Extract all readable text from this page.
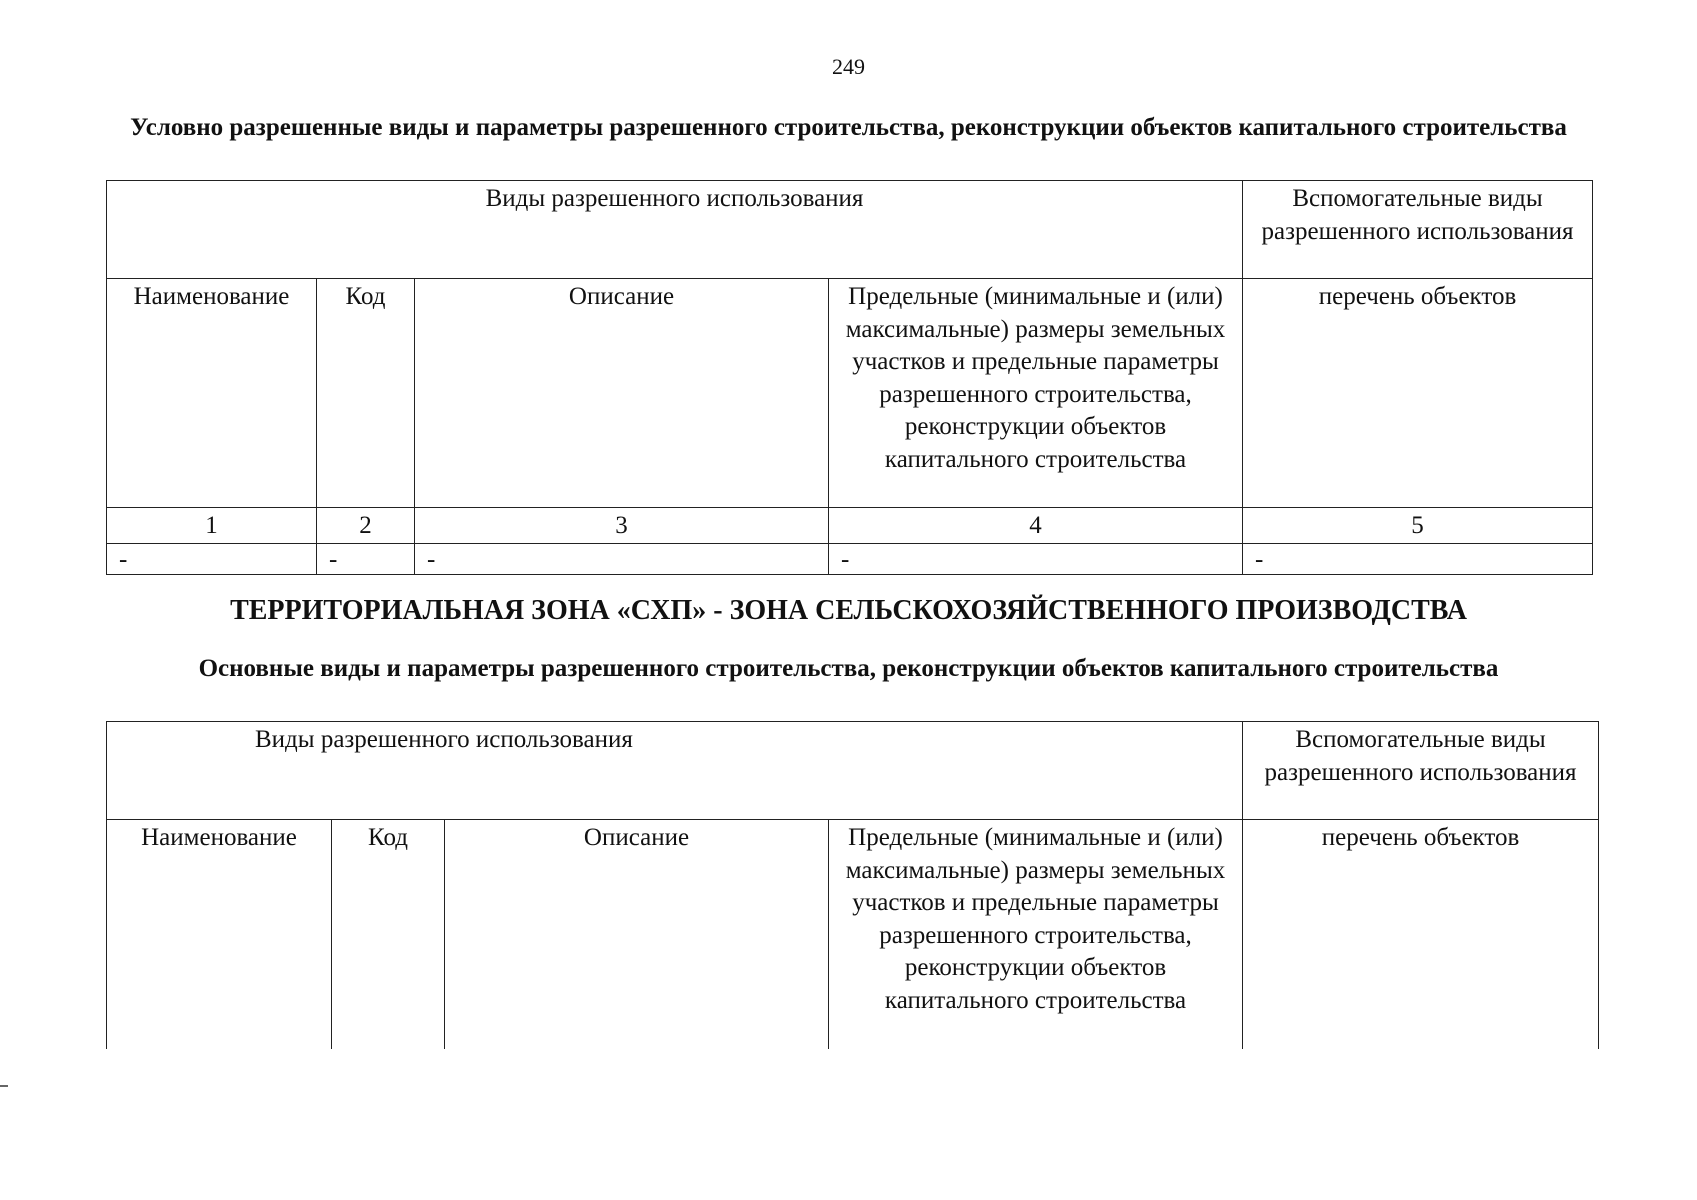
249
Условно разрешенные виды и параметры разрешенного строительства, реконструкции объектов капитального строительства
Виды разрешенного использования				Вспомогательные виды разрешенного использования
Наименование	Код	Описание	Предельные (минимальные и (или) максимальные) размеры земельных участков и предельные параметры разрешенного строительства, реконструкции объектов капитального строительства	перечень объектов
1	2	3	4	5
-	-	-	-	-
ТЕРРИТОРИАЛЬНАЯ ЗОНА «СХП» - ЗОНА СЕЛЬСКОХОЗЯЙСТВЕННОГО ПРОИЗВОДСТВА
Основные виды и параметры разрешенного строительства, реконструкции объектов капитального строительства
Виды разрешенного использования				Вспомогательные виды разрешенного использования
Наименование	Код	Описание	Предельные (минимальные и (или) максимальные) размеры земельных участков и предельные параметры разрешенного строительства, реконструкции объектов капитального строительства	перечень объектов
